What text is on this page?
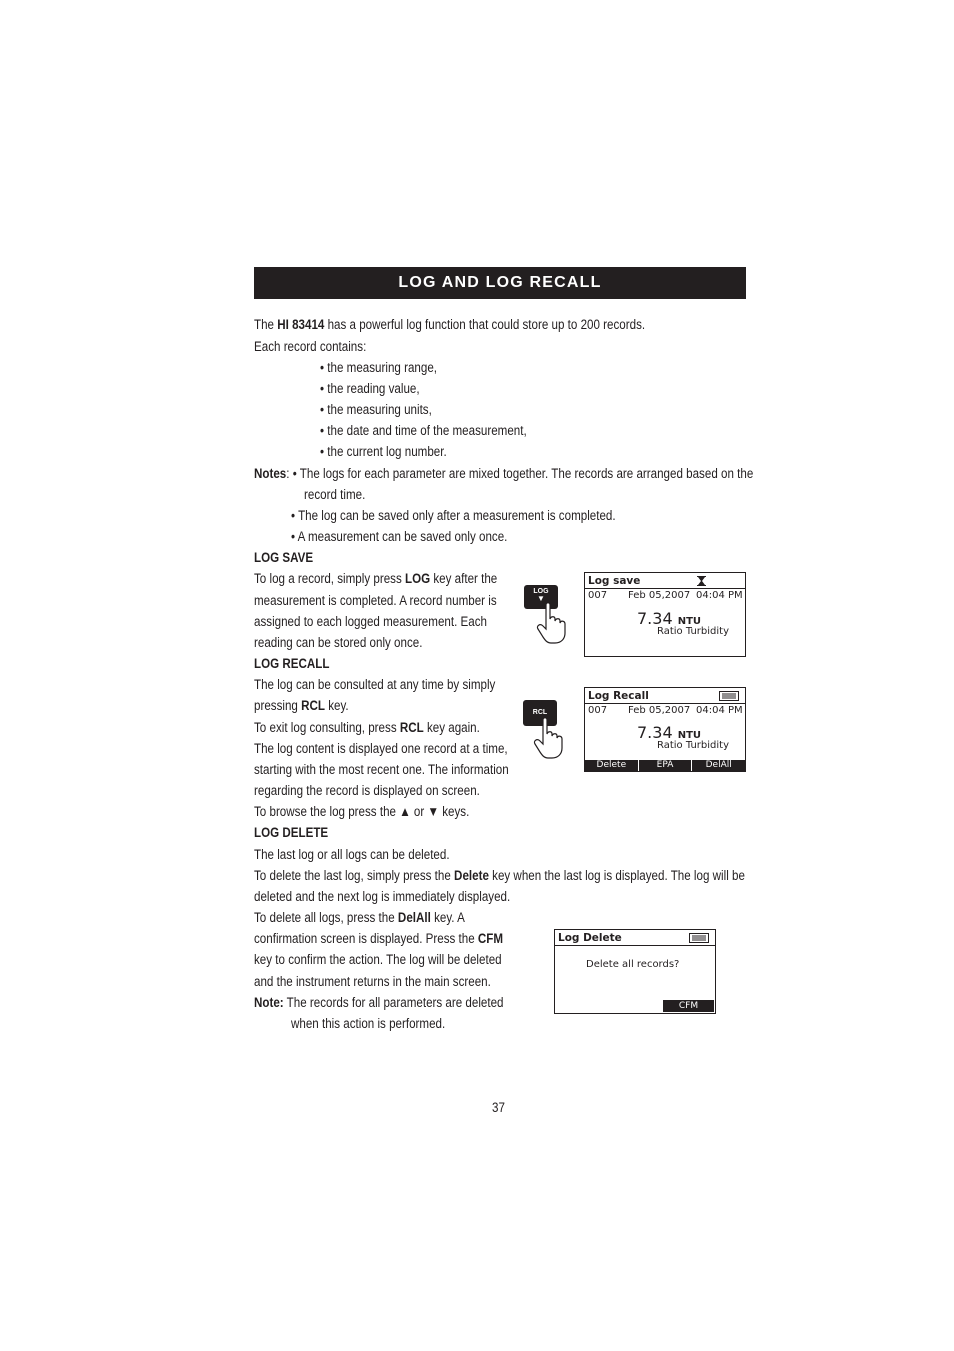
LOG AND LOG RECALL
The HI 83414 has a powerful log function that could store up to 200 records.
Each record contains:
• the measuring range,
• the reading value,
• the measuring units,
• the date and time of the measurement,
• the current log number.
Notes: • The logs for each parameter are mixed together. The records are arranged based on the
record time.
• The log can be saved only after a measurement is completed.
• A measurement can be saved only once.
LOG SAVE
To log a record, simply press LOG key after the
measurement is completed. A record number is
assigned to each logged measurement. Each
reading can be stored only once.
LOG
▼
Log save
007 Feb 05,2007 04:04 PM
7.34 NTU
Ratio Turbidity
LOG RECALL
The log can be consulted at any time by simply
pressing RCL key.
To exit log consulting, press RCL key again.
The log content is displayed one record at a time,
starting with the most recent one. The information
regarding the record is displayed on screen.
To browse the log press the ▲ or ▼ keys.
RCL
Log Recall
007 Feb 05,2007 04:04 PM
7.34 NTU
Ratio Turbidity
Delete	EPA	DelAll
LOG DELETE
The last log or all logs can be deleted.
To delete the last log, simply press the Delete key when the last log is displayed. The log will be
deleted and the next log is immediately displayed.
To delete all logs, press the DelAll key. A
confirmation screen is displayed. Press the CFM
key to confirm the action. The log will be deleted
and the instrument returns in the main screen.
Note: The records for all parameters are deleted
when this action is performed.
Log Delete
Delete all records?
CFM
37
